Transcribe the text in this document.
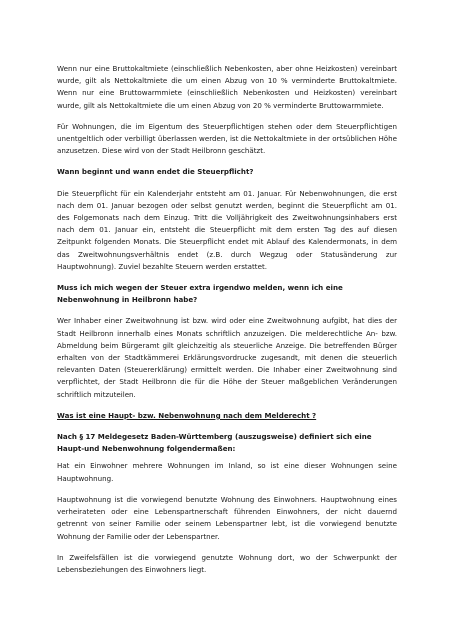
Wenn nur eine Bruttokaltmiete (einschließlich Nebenkosten, aber ohne Heizkosten) vereinbart wurde, gilt als Nettokaltmiete die um einen Abzug von 10 % verminderte Bruttokaltmiete. Wenn nur eine Bruttowarmmiete (einschließlich Nebenkosten und Heizkosten) vereinbart wurde, gilt als Nettokaltmiete die um einen Abzug von 20 % verminderte Bruttowarmmiete.

Für Wohnungen, die im Eigentum des Steuerpflichtigen stehen oder dem Steuerpflichtigen unentgeltlich oder verbilligt überlassen werden, ist die Nettokaltmiete in der ortsüblichen Höhe anzusetzen. Diese wird von der Stadt Heilbronn geschätzt.

Wann beginnt und wann endet die Steuerpflicht?

Die Steuerpflicht für ein Kalenderjahr entsteht am 01. Januar. Für Nebenwohnungen, die erst nach dem 01. Januar bezogen oder selbst genutzt werden, beginnt die Steuerpflicht am 01. des Folgemonats nach dem Einzug. Tritt die Volljährigkeit des Zweitwohnungsinhabers erst nach dem 01. Januar ein, entsteht die Steuerpflicht mit dem ersten Tag des auf diesen Zeitpunkt folgenden Monats. Die Steuerpflicht endet mit Ablauf des Kalendermonats, in dem das Zweitwohnungsverhältnis endet (z.B. durch Wegzug oder Statusänderung zur Hauptwohnung). Zuviel bezahlte Steuern werden erstattet.

Muss ich mich wegen der Steuer extra irgendwo melden, wenn ich eine Nebenwohnung in Heilbronn habe?

Wer Inhaber einer Zweitwohnung ist bzw. wird oder eine Zweitwohnung aufgibt, hat dies der Stadt Heilbronn innerhalb eines Monats schriftlich anzuzeigen. Die melderechtliche An- bzw. Abmeldung beim Bürgeramt gilt gleichzeitig als steuerliche Anzeige. Die betreffenden Bürger erhalten von der Stadtkämmerei Erklärungsvordrucke zugesandt, mit denen die steuerlich relevanten Daten (Steuererklärung) ermittelt werden. Die Inhaber einer Zweitwohnung sind verpflichtet, der Stadt Heilbronn die für die Höhe der Steuer maßgeblichen Veränderungen schriftlich mitzuteilen.

Was ist eine Haupt- bzw. Nebenwohnung nach dem Melderecht ?

Nach § 17 Meldegesetz Baden-Württemberg (auszugsweise) definiert sich eine Haupt-und Nebenwohnung folgendermaßen:

Hat ein Einwohner mehrere Wohnungen im Inland, so ist eine dieser Wohnungen seine Hauptwohnung.

Hauptwohnung ist die vorwiegend benutzte Wohnung des Einwohners. Hauptwohnung eines verheirateten oder eine Lebenspartnerschaft führenden Einwohners, der nicht dauernd getrennt von seiner Familie oder seinem Lebenspartner lebt, ist die vorwiegend benutzte Wohnung der Familie oder der Lebenspartner.

In Zweifelsfällen ist die vorwiegend genutzte Wohnung dort, wo der Schwerpunkt der Lebensbeziehungen des Einwohners liegt.
